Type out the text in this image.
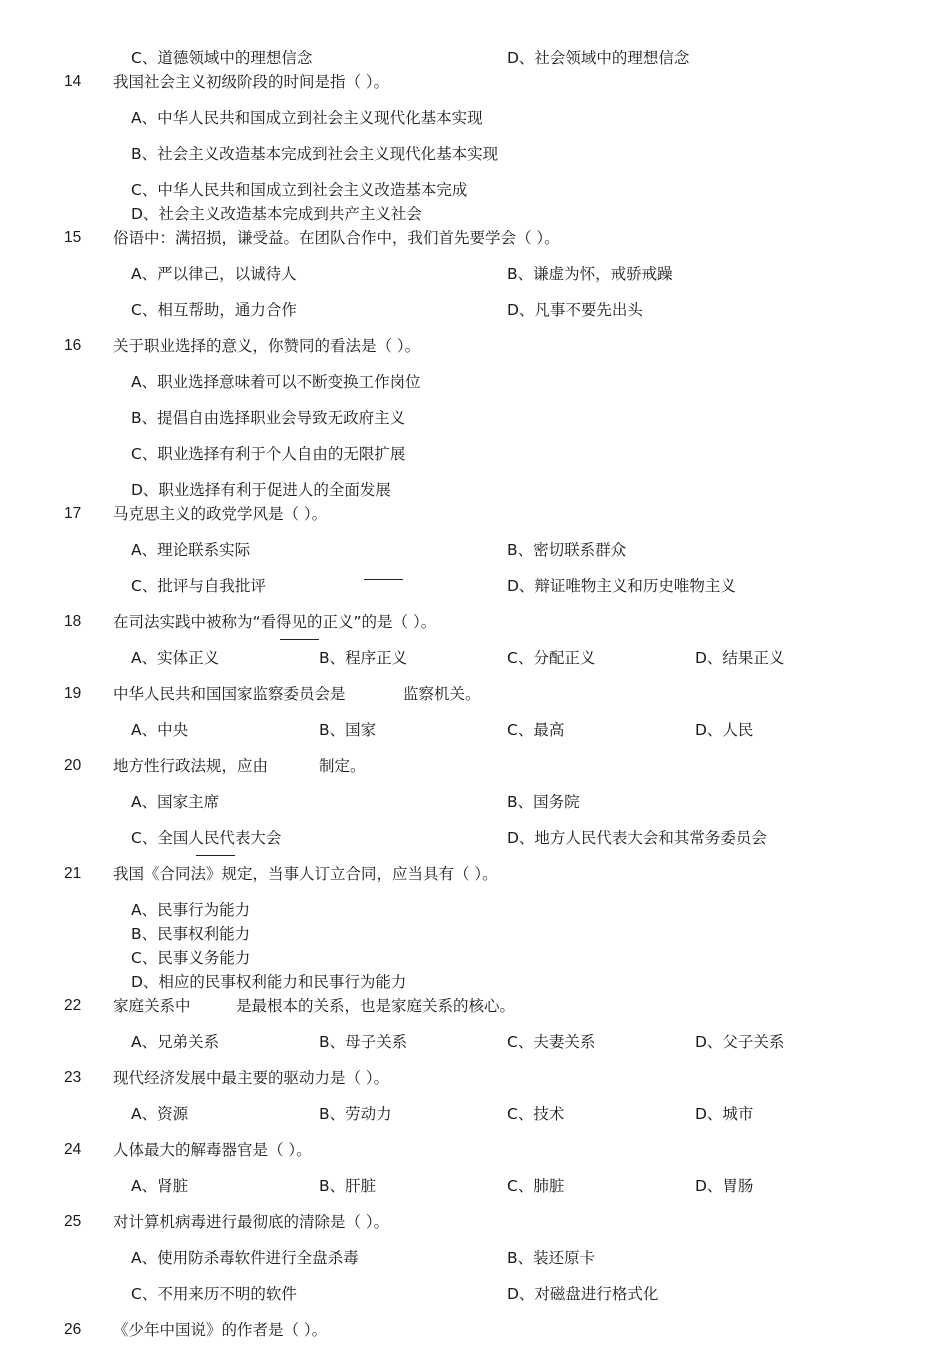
C、道德领域中的理想信念	D、社会领域中的理想信念
14 我国社会主义初级阶段的时间是指（ ）。
A、中华人民共和国成立到社会主义现代化基本实现
B、社会主义改造基本完成到社会主义现代化基本实现
C、中华人民共和国成立到社会主义改造基本完成
D、社会主义改造基本完成到共产主义社会
15 俗语中：满招损，谦受益。在团队合作中，我们首先要学会（ ）。
A、严以律己，以诚待人	B、谦虚为怀，戒骄戒躁
C、相互帮助，通力合作	D、凡事不要先出头
16 关于职业选择的意义，你赞同的看法是（ ）。
A、职业选择意味着可以不断变换工作岗位
B、提倡自由选择职业会导致无政府主义
C、职业选择有利于个人自由的无限扩展
D、职业选择有利于促进人的全面发展
17 马克思主义的政党学风是（ ）。
A、理论联系实际	B、密切联系群众
C、批评与自我批评	D、辩证唯物主义和历史唯物主义
18 在司法实践中被称为“看得见的正义”的是（ ）。
A、实体正义	B、程序正义	C、分配正义	D、结果正义
19 中华人民共和国国家监察委员会是	监察机关。
A、中央	B、国家	C、最高	D、人民
20 地方性行政法规，应由	制定。
A、国家主席	B、国务院
C、全国人民代表大会	D、地方人民代表大会和其常务委员会
21 我国《合同法》规定，当事人订立合同，应当具有（ ）。
A、民事行为能力
B、民事权利能力
C、民事义务能力
D、相应的民事权利能力和民事行为能力
22 家庭关系中	是最根本的关系，也是家庭关系的核心。
A、兄弟关系	B、母子关系	C、夫妻关系	D、父子关系
23 现代经济发展中最主要的驱动力是（ ）。
A、资源	B、劳动力	C、技术	D、城市
24 人体最大的解毒器官是（ ）。
A、肾脏	B、肝脏	C、肺脏	D、胃肠
25 对计算机病毒进行最彻底的清除是（ ）。
A、使用防杀毒软件进行全盘杀毒	B、装还原卡
C、不用来历不明的软件	D、对磁盘进行格式化
26 《少年中国说》的作者是（ ）。
